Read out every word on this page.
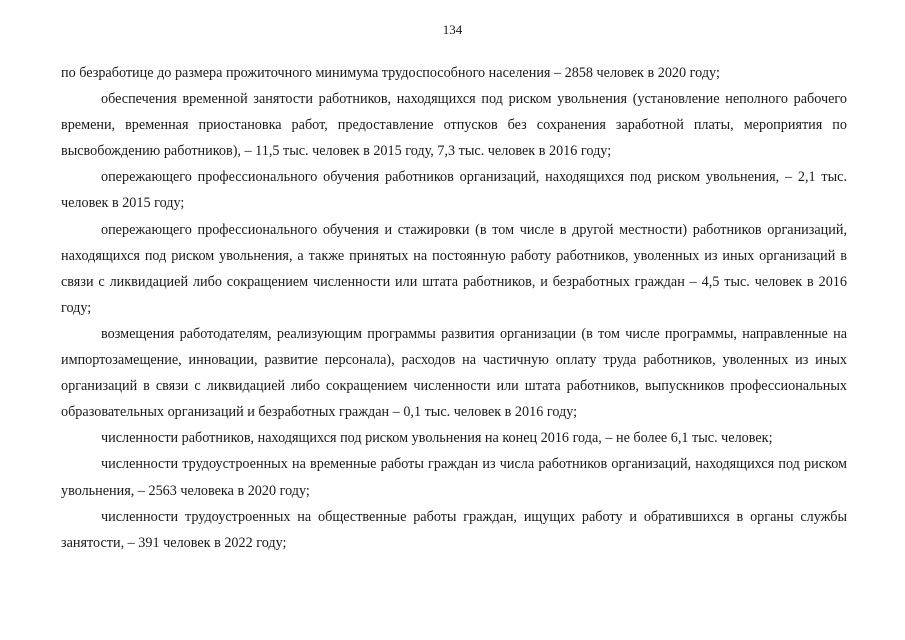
134

по безработице до размера прожиточного минимума трудоспособного населения – 2858 человек в 2020 году;

обеспечения временной занятости работников, находящихся под риском увольнения (установление неполного рабочего времени, временная приостановка работ, предоставление отпусков без сохранения заработной платы, мероприятия по высвобождению работников), – 11,5 тыс. человек в 2015 году, 7,3 тыс. человек в 2016 году;

опережающего профессионального обучения работников организаций, находящихся под риском увольнения, – 2,1 тыс. человек в 2015 году;

опережающего профессионального обучения и стажировки (в том числе в другой местности) работников организаций, находящихся под риском увольнения, а также принятых на постоянную работу работников, уволенных из иных организаций в связи с ликвидацией либо сокращением численности или штата работников, и безработных граждан – 4,5 тыс. человек в 2016 году;

возмещения работодателям, реализующим программы развития организации (в том числе программы, направленные на импортозамещение, инновации, развитие персонала), расходов на частичную оплату труда работников, уволенных из иных организаций в связи с ликвидацией либо сокращением численности или штата работников, выпускников профессиональных образовательных организаций и безработных граждан – 0,1 тыс. человек в 2016 году;

численности работников, находящихся под риском увольнения на конец 2016 года, – не более 6,1 тыс. человек;

численности трудоустроенных на временные работы граждан из числа работников организаций, находящихся под риском увольнения, – 2563 человека в 2020 году;

численности трудоустроенных на общественные работы граждан, ищущих работу и обратившихся в органы службы занятости, – 391 человек в 2022 году;
